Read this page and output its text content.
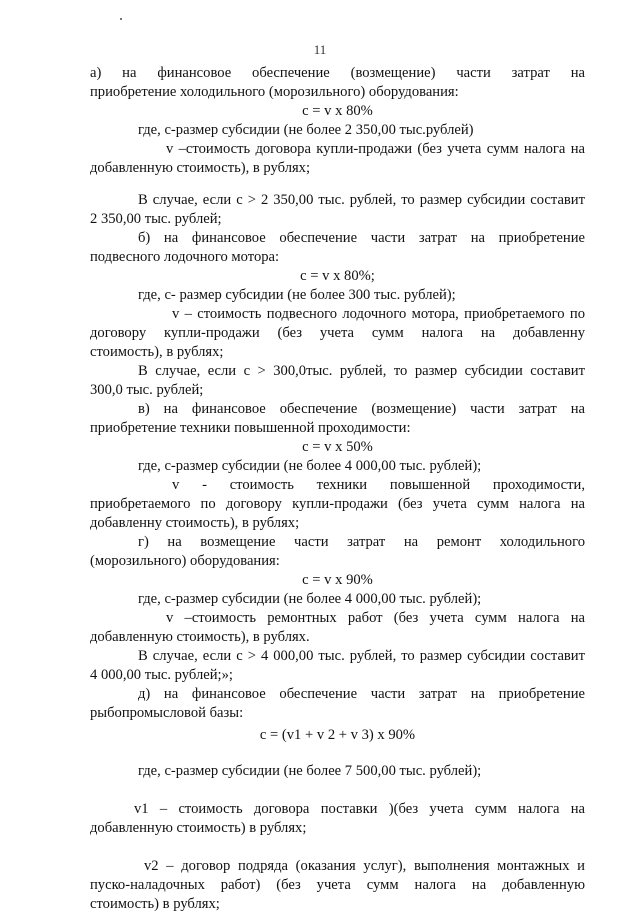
11
а) на финансовое обеспечение (возмещение) части затрат на
приобретение холодильного (морозильного) оборудования:
с = v х 80%
где, с-размер субсидии (не более 2 350,00 тыс.рублей)
v –стоимость договора купли-продажи (без учета сумм налога на
добавленную стоимость), в рублях;
В случае, если с > 2 350,00 тыс. рублей, то размер субсидии составит
2 350,00 тыс. рублей;
б) на финансовое обеспечение части затрат на приобретение
подвесного лодочного мотора:
с = v х 80%;
где, с- размер субсидии (не более 300 тыс. рублей);
v – стоимость подвесного лодочного мотора, приобретаемого по
договору купли-продажи (без учета сумм налога на добавленну
стоимость), в рублях;
В случае, если с > 300,0тыс. рублей, то размер субсидии составит
300,0 тыс. рублей;
в) на финансовое обеспечение (возмещение) части затрат на
приобретение техники повышенной проходимости:
с = v х 50%
где, с-размер субсидии (не более 4 000,00 тыс. рублей);
v - стоимость техники повышенной проходимости,
приобретаемого по договору купли-продажи (без учета сумм налога на
добавленну стоимость), в рублях;
г) на возмещение части затрат на ремонт холодильного
(морозильного) оборудования:
с = v х 90%
где, с-размер субсидии (не более 4 000,00 тыс. рублей);
v –стоимость ремонтных работ (без учета сумм налога на
добавленную стоимость), в рублях.
В случае, если с > 4 000,00 тыс. рублей, то размер субсидии составит
4 000,00 тыс. рублей;»;
д) на финансовое обеспечение части затрат на приобретение
рыбопромысловой базы:
с = (v1 + v 2 + v 3) х 90%
где, с-размер субсидии (не более 7 500,00 тыс. рублей);
v1 – стоимость договора поставки )(без учета сумм налога на
добавленную стоимость) в рублях;
v2 – договор подряда (оказания услуг), выполнения монтажных и
пуско-наладочных работ) (без учета сумм налога на добавленную
стоимость) в рублях;
